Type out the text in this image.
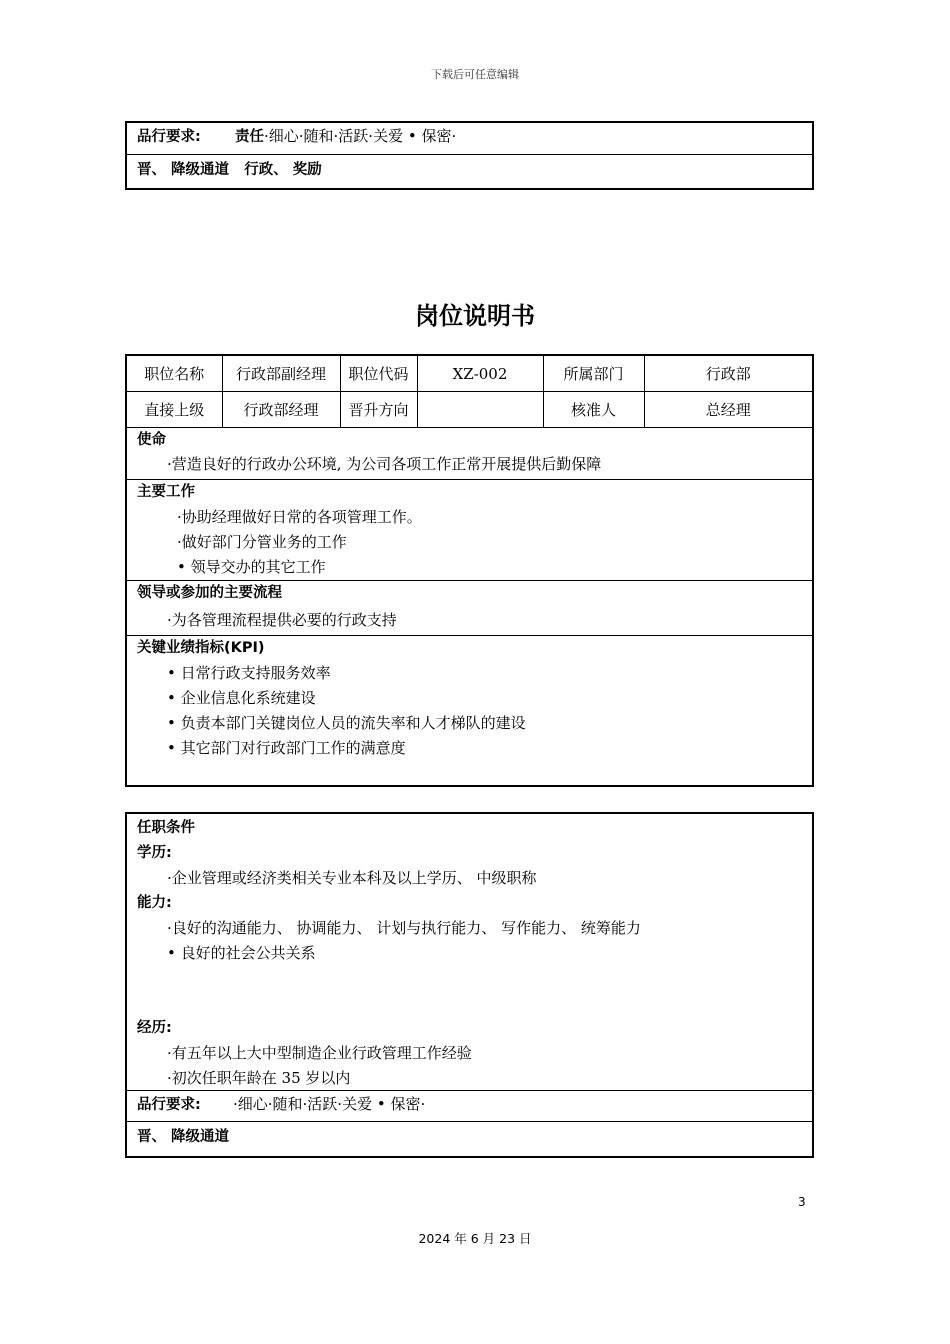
下载后可任意编辑
品行要求: 责任·细心·随和·活跃·关爱 • 保密·
晋、 降级通道   行政、 奖励
岗位说明书
职位名称	行政部副经理	职位代码	XZ-002	所属部门	行政部
直接上级	行政部经理	晋升方向		核准人	总经理
使命
·营造良好的行政办公环境, 为公司各项工作正常开展提供后勤保障
主要工作
·协助经理做好日常的各项管理工作。
·做好部门分管业务的工作
• 领导交办的其它工作
领导或参加的主要流程
·为各管理流程提供必要的行政支持
关键业绩指标(KPI)
• 日常行政支持服务效率
• 企业信息化系统建设
• 负责本部门关键岗位人员的流失率和人才梯队的建设
• 其它部门对行政部门工作的满意度
任职条件
学历:
·企业管理或经济类相关专业本科及以上学历、 中级职称
能力:
·良好的沟通能力、 协调能力、 计划与执行能力、 写作能力、 统筹能力
• 良好的社会公共关系
经历:
·有五年以上大中型制造企业行政管理工作经验
·初次任职年龄在 35 岁以内
品行要求: ·细心·随和·活跃·关爱 • 保密·
晋、 降级通道
3
2024 年 6 月 23 日
